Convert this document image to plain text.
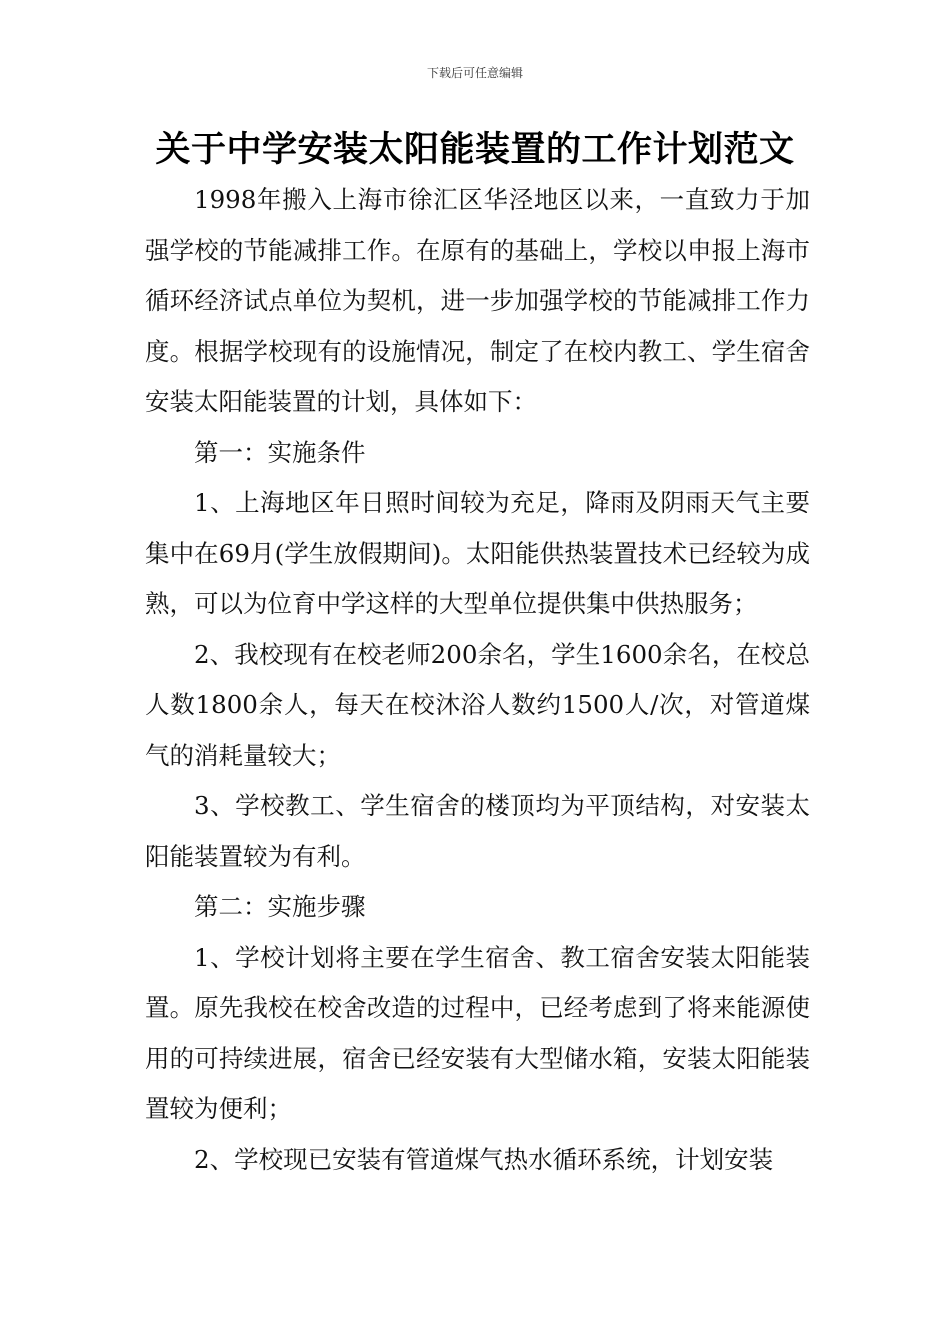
下载后可任意编辑
关于中学安装太阳能装置的工作计划范文

1998年搬入上海市徐汇区华泾地区以来，一直致力于加强学校的节能减排工作。在原有的基础上，学校以申报上海市循环经济试点单位为契机，进一步加强学校的节能减排工作力度。根据学校现有的设施情况，制定了在校内教工、学生宿舍安装太阳能装置的计划，具体如下：

第一：实施条件

1、上海地区年日照时间较为充足，降雨及阴雨天气主要集中在69月(学生放假期间)。太阳能供热装置技术已经较为成熟，可以为位育中学这样的大型单位提供集中供热服务；

2、我校现有在校老师200余名，学生1600余名，在校总人数1800余人，每天在校沐浴人数约1500人/次，对管道煤气的消耗量较大；

3、学校教工、学生宿舍的楼顶均为平顶结构，对安装太阳能装置较为有利。

第二：实施步骤

1、学校计划将主要在学生宿舍、教工宿舍安装太阳能装置。原先我校在校舍改造的过程中，已经考虑到了将来能源使用的可持续进展，宿舍已经安装有大型储水箱，安装太阳能装置较为便利；

2、学校现已安装有管道煤气热水循环系统，计划安装
